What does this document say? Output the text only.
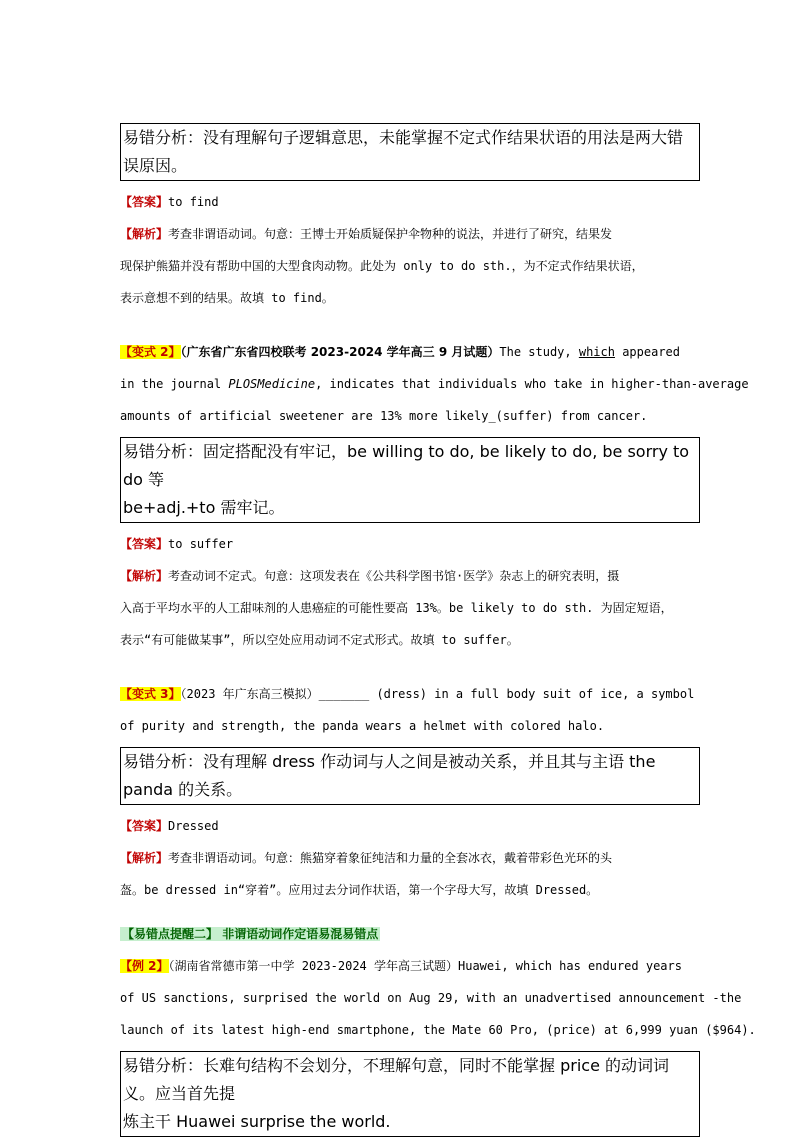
易错分析：没有理解句子逻辑意思，未能掌握不定式作结果状语的用法是两大错误原因。
【答案】to find
【解析】考查非谓语动词。句意：王博士开始质疑保护伞物种的说法，并进行了研究，结果发
现保护熊猫并没有帮助中国的大型食肉动物。此处为 only to do sth.，为不定式作结果状语，
表示意想不到的结果。故填 to find。
【变式 2】（广东省广东省四校联考 2023-2024 学年高三 9 月试题）The study, which appeared
in the journal PLOSMedicine, indicates that individuals who take in higher-than-average
amounts of artificial sweetener are 13% more likely_(suffer) from cancer.
易错分析：固定搭配没有牢记，be willing to do, be likely to do, be sorry to do 等
be+adj.+to 需牢记。
【答案】to suffer
【解析】考查动词不定式。句意：这项发表在《公共科学图书馆·医学》杂志上的研究表明，摄
入高于平均水平的人工甜味剂的人患癌症的可能性要高 13%。be likely to do sth. 为固定短语，
表示“有可能做某事”，所以空处应用动词不定式形式。故填 to suffer。
【变式 3】（2023 年广东高三模拟）_______ (dress) in a full body suit of ice, a symbol
of purity and strength, the panda wears a helmet with colored halo.
易错分析：没有理解 dress 作动词与人之间是被动关系，并且其与主语 the panda 的关系。
【答案】Dressed
【解析】考查非谓语动词。句意：熊猫穿着象征纯洁和力量的全套冰衣，戴着带彩色光环的头
盔。be dressed in“穿着”。应用过去分词作状语，第一个字母大写，故填 Dressed。
【易错点提醒二】 非谓语动词作定语易混易错点
【例 2】（湖南省常德市第一中学 2023-2024 学年高三试题）Huawei, which has endured years
of US sanctions, surprised the world on Aug 29, with an unadvertised announcement -the
launch of its latest high-end smartphone, the Mate 60 Pro, (price) at 6,999 yuan ($964).
易错分析：长难句结构不会划分，不理解句意，同时不能掌握 price 的动词词义。应当首先提
炼主干 Huawei surprise the world.
